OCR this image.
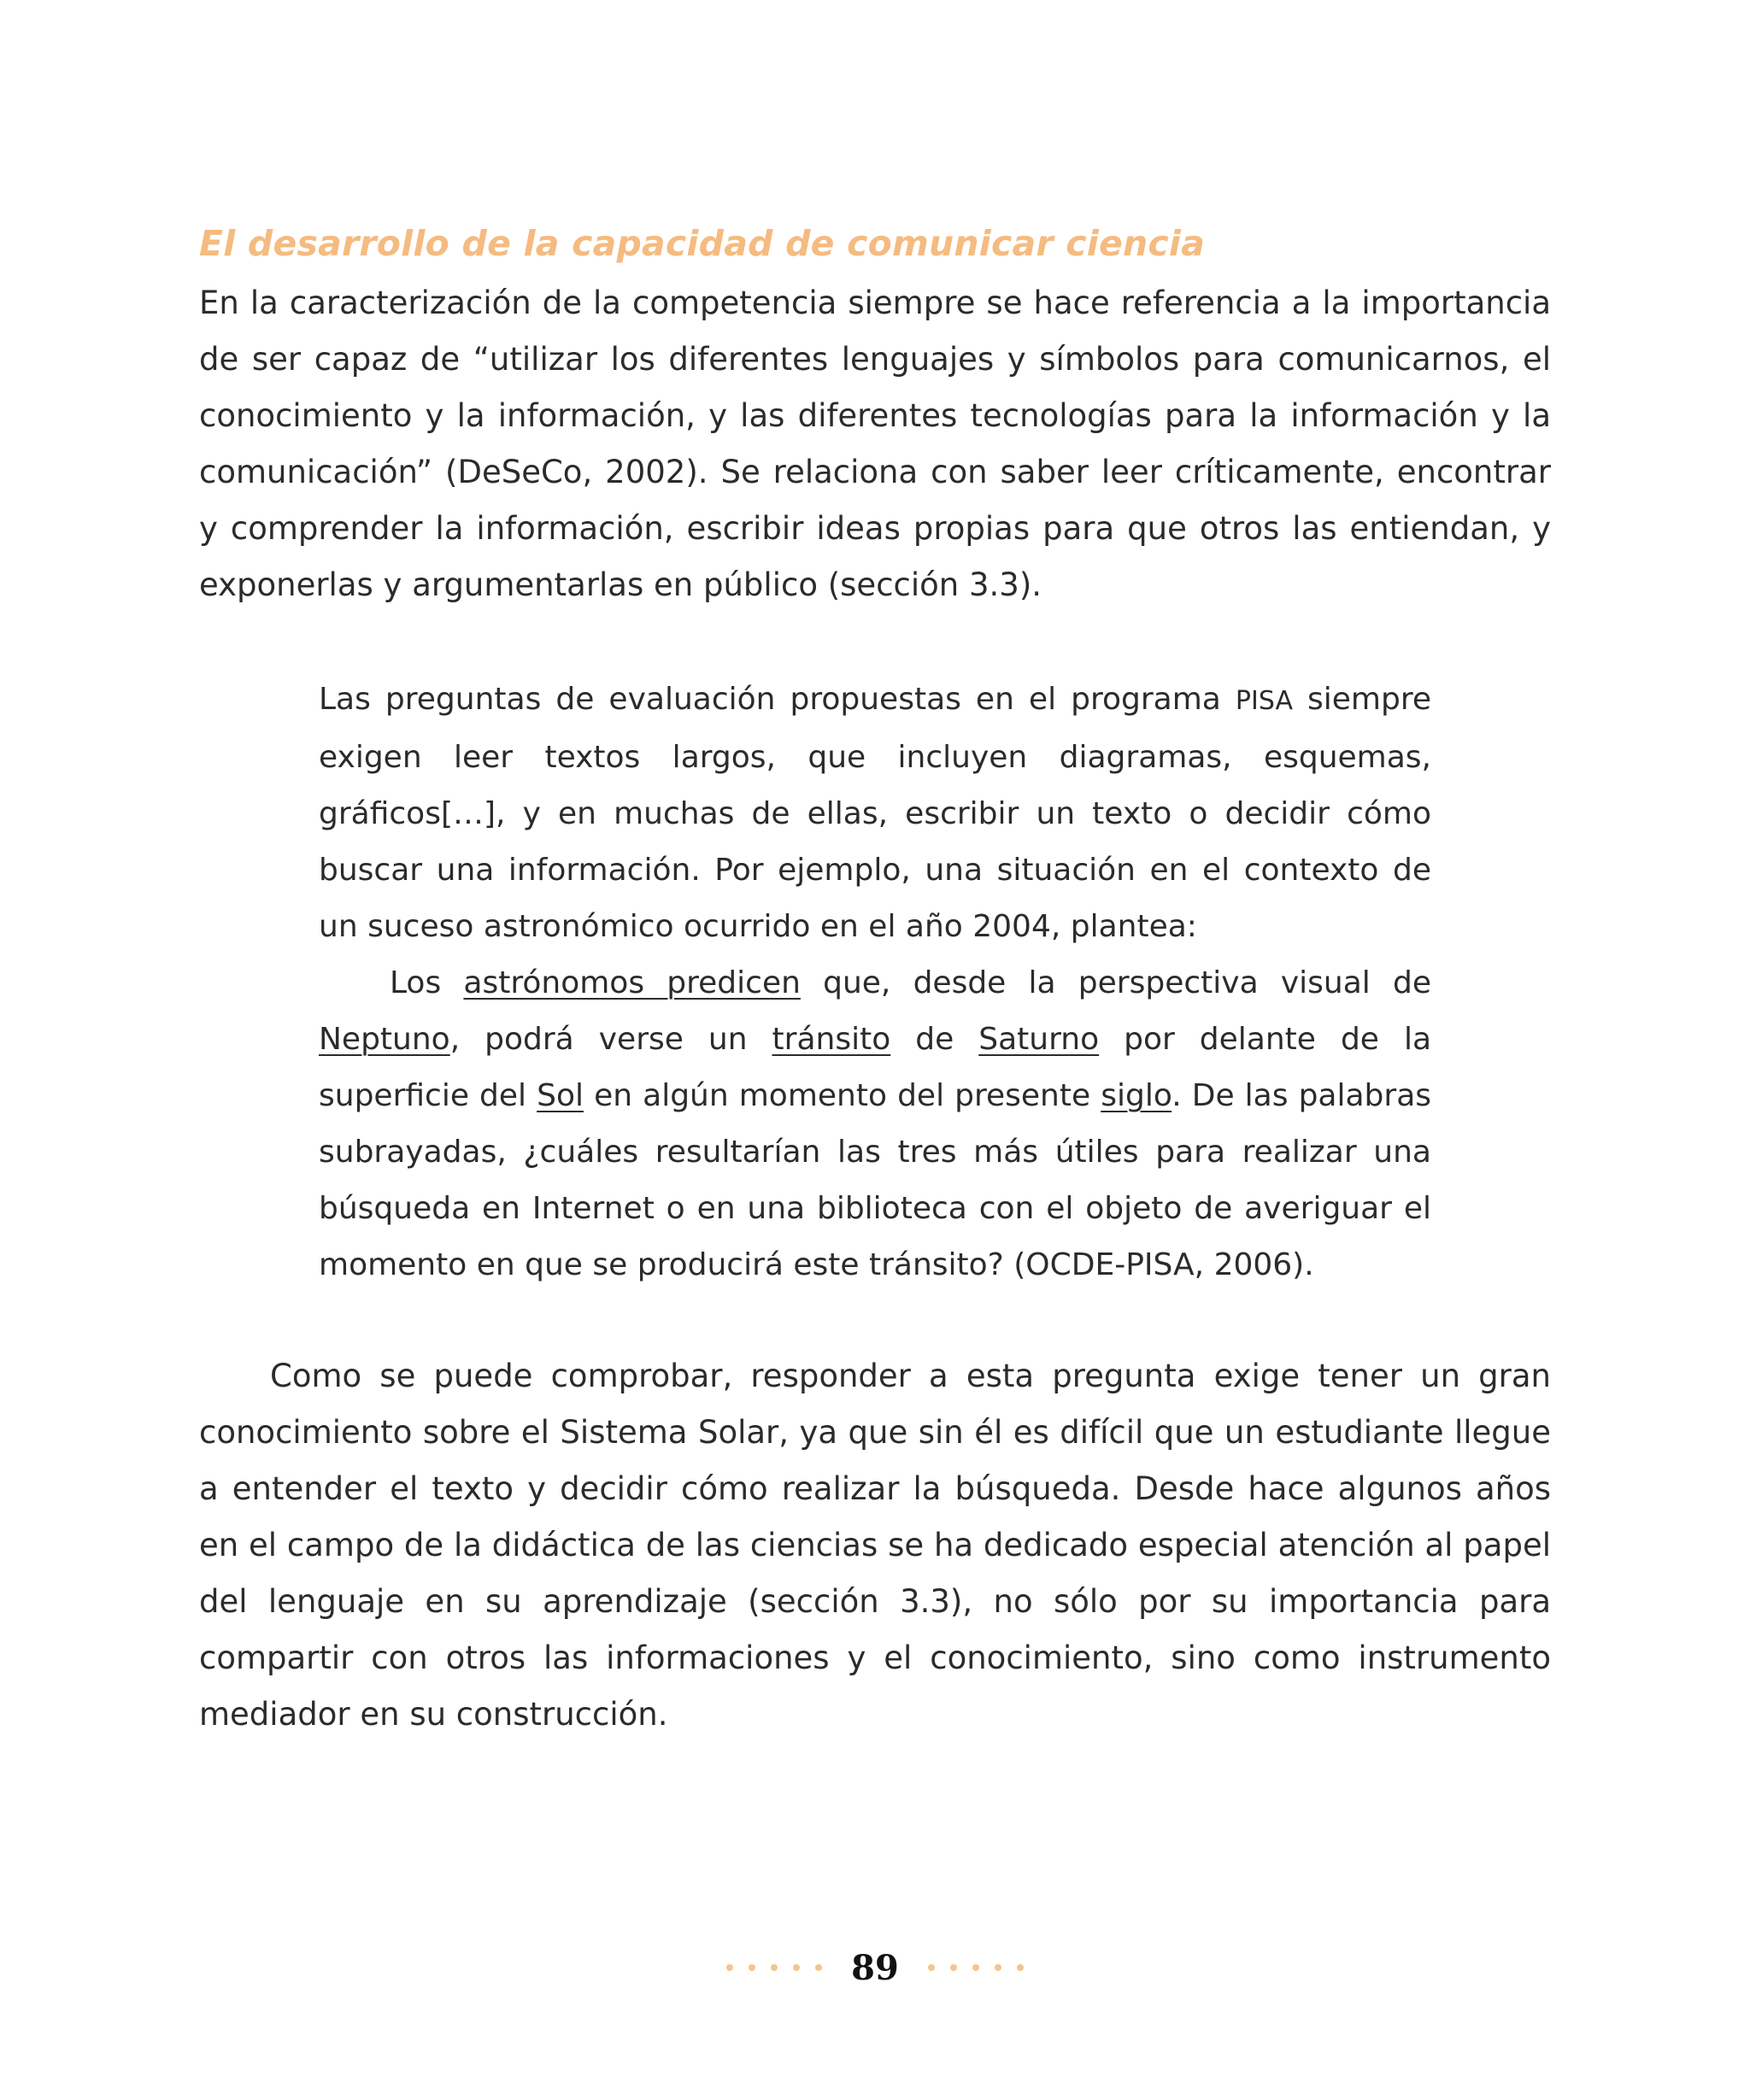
El desarrollo de la capacidad de comunicar ciencia

En la caracterización de la competencia siempre se hace referencia a la importancia de ser capaz de “utilizar los diferentes lenguajes y símbolos para comunicarnos, el conocimiento y la información, y las diferentes tecnologías para la información y la comunicación” (DeSeCo, 2002). Se relaciona con saber leer críticamente, encontrar y comprender la información, escribir ideas propias para que otros las entiendan, y exponerlas y argumentarlas en público (sección 3.3).

Las preguntas de evaluación propuestas en el programa PISA siempre exigen leer textos largos, que incluyen diagramas, esquemas, gráficos[…], y en muchas de ellas, escribir un texto o decidir cómo buscar una información. Por ejemplo, una situación en el contexto de un suceso astronómico ocurrido en el año 2004, plantea:

Los astrónomos predicen que, desde la perspectiva visual de Neptuno, podrá verse un tránsito de Saturno por delante de la superficie del Sol en algún momento del presente siglo. De las palabras subrayadas, ¿cuáles resultarían las tres más útiles para realizar una búsqueda en Internet o en una biblioteca con el objeto de averiguar el momento en que se producirá este tránsito? (OCDE-PISA, 2006).

Como se puede comprobar, responder a esta pregunta exige tener un gran conocimiento sobre el Sistema Solar, ya que sin él es difícil que un estudiante llegue a entender el texto y decidir cómo realizar la búsqueda. Desde hace algunos años en el campo de la didáctica de las ciencias se ha dedicado especial atención al papel del lenguaje en su aprendizaje (sección 3.3), no sólo por su importancia para compartir con otros las informaciones y el conocimiento, sino como instrumento mediador en su construcción.

89
